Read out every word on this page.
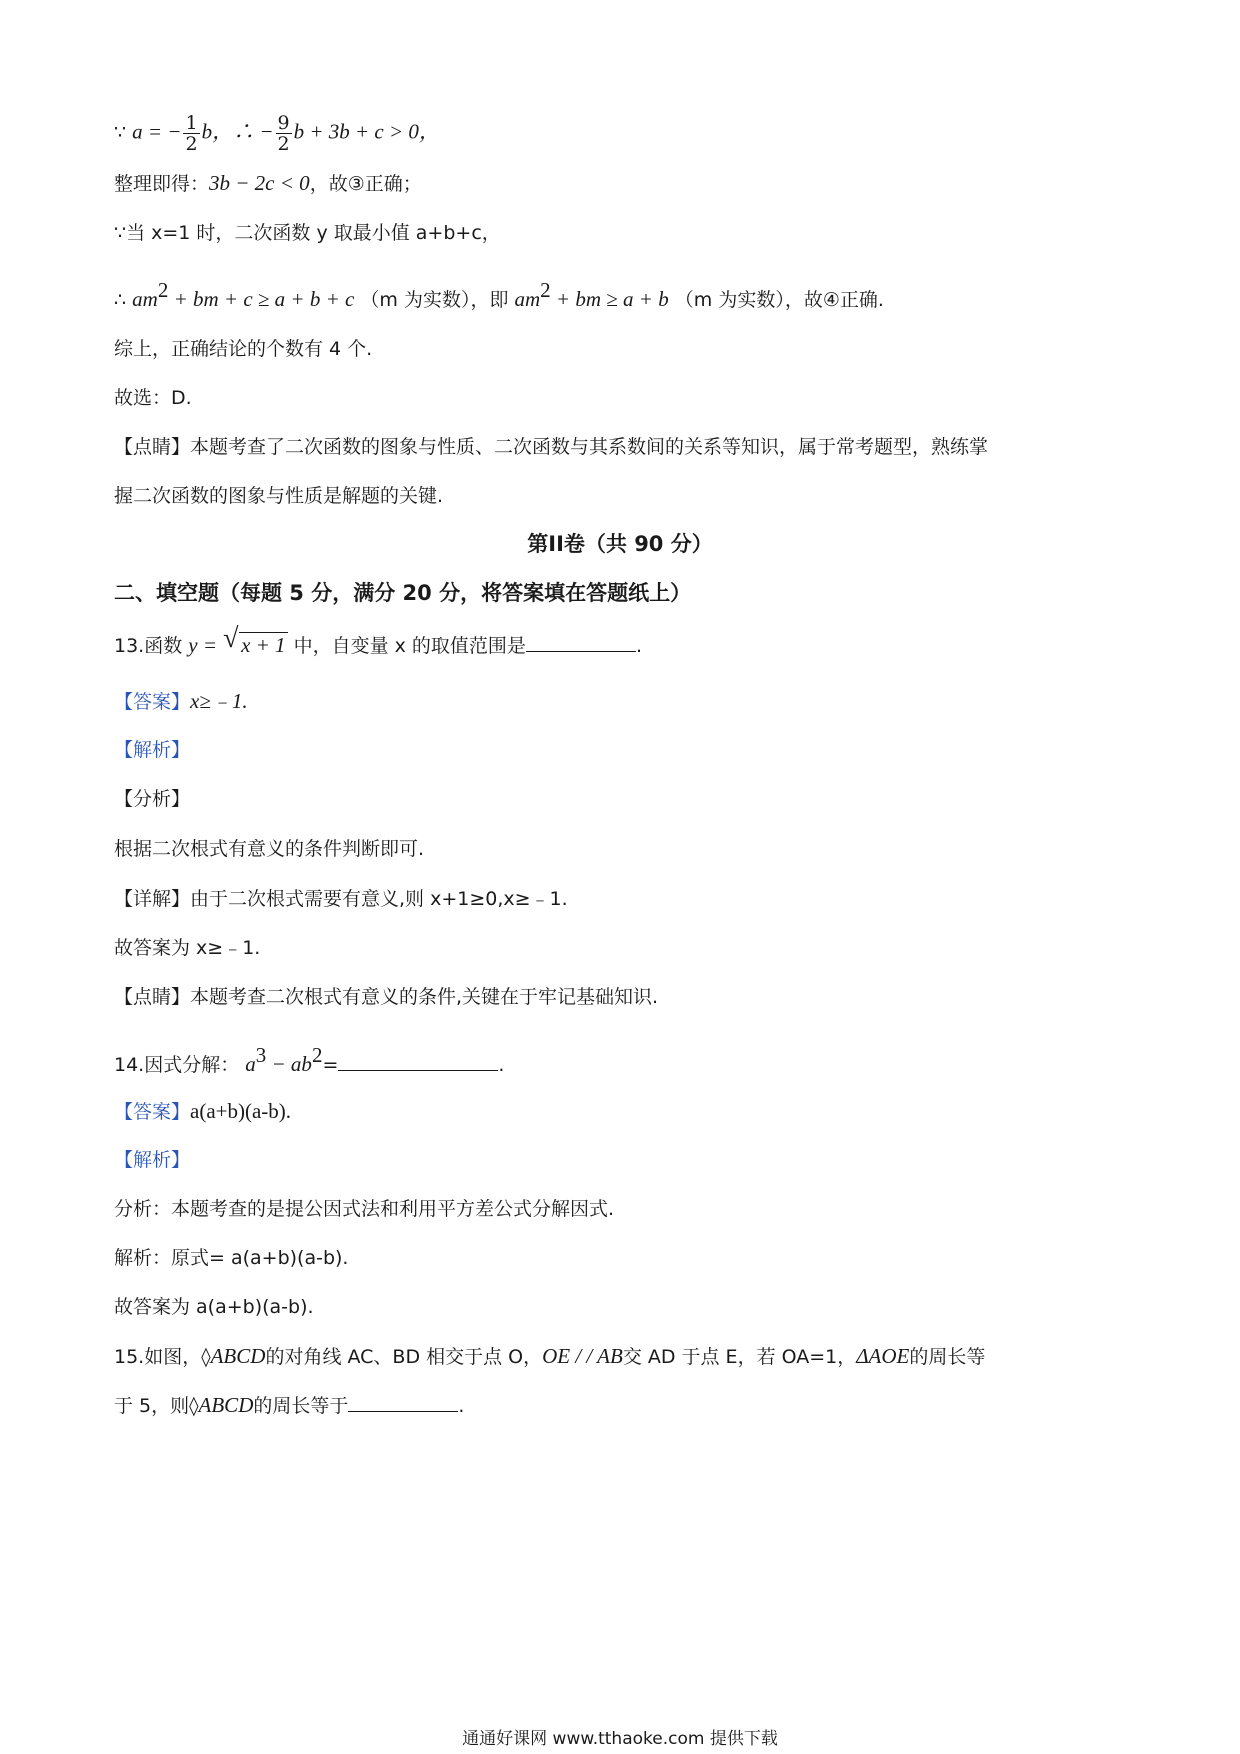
∵ a = − $\frac{1}{2}$ b，∴ − $\frac{9}{2}$ b + 3b + c > 0，
整理即得：3b − 2c < 0，故③正确；
∵当 x=1 时，二次函数 y 取最小值 a+b+c，
∴ $am^2$ + bm + c ≥ a + b + c （m 为实数），即 $am^2$ + bm ≥ a + b （m 为实数），故④正确.
综上，正确结论的个数有 4 个.
故选：D.
【点睛】本题考查了二次函数的图象与性质、二次函数与其系数间的关系等知识，属于常考题型，熟练掌
握二次函数的图象与性质是解题的关键.
第II卷（共 90 分）
二、填空题（每题 5 分，满分 20 分，将答案填在答题纸上）
13.函数 y = √ x + 1 中，自变量 x 的取值范围是	.
【答案】x≥﹣1.
【解析】
【分析】
根据二次根式有意义的条件判断即可.
【详解】由于二次根式需要有意义,则 x+1≥0,x≥﹣1.
故答案为 x≥﹣1.
【点睛】本题考查二次根式有意义的条件,关键在于牢记基础知识.
14.因式分解： $a^3 - ab^2=$	.
【答案】a(a+b)(a-b).
【解析】
分析：本题考查的是提公因式法和利用平方差公式分解因式.
解析：原式= a(a+b)(a-b).
故答案为 a(a+b)(a-b).
15.如图，◊ABCD的对角线 AC、BD 相交于点 O，OE / / AB交 AD 于点 E，若 OA=1，ΔAOE的周长等
于 5，则◊ABCD的周长等于	.
通通好课网 www.tthaoke.com 提供下载
